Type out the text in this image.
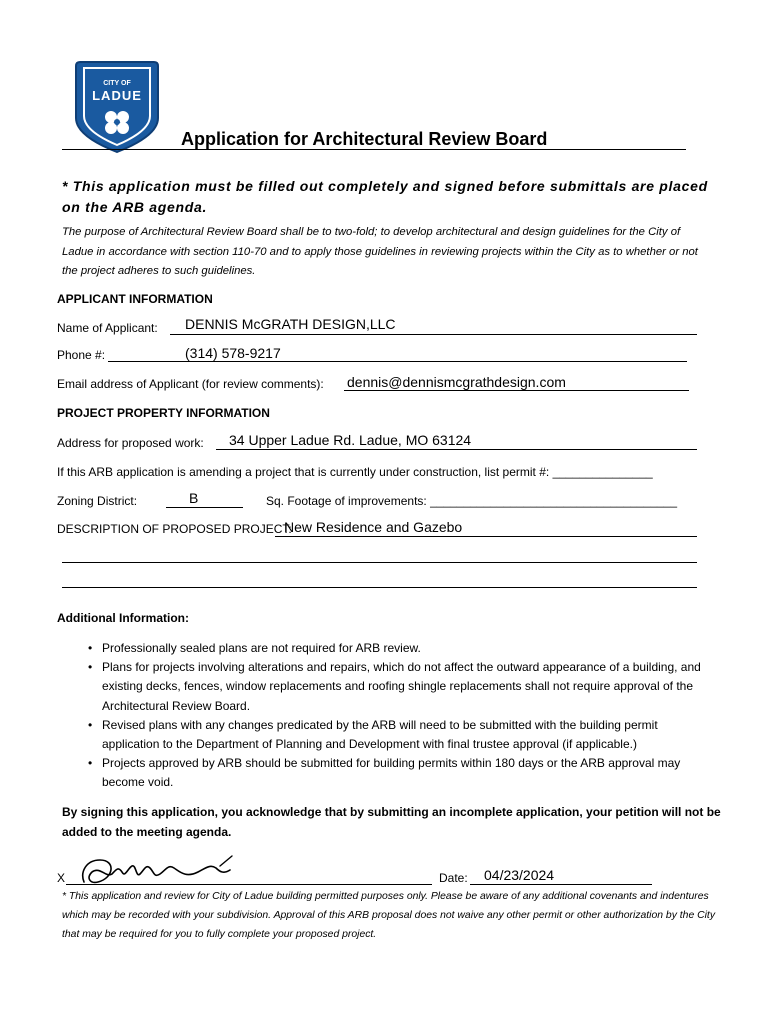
CITY OF
LADUE
Application for Architectural Review Board
* This application must be filled out completely and signed before submittals are placed on the ARB agenda.
The purpose of Architectural Review Board shall be to two-fold; to develop architectural and design guidelines for the City of Ladue in accordance with section 110-70 and to apply those guidelines in reviewing projects within the City as to whether or not the project adheres to such guidelines.
APPLICANT INFORMATION
Name of Applicant: DENNIS McGRATH DESIGN,LLC
Phone #:	(314) 578-9217
Email address of Applicant (for review comments): dennis@dennismcgrathdesign.com
PROJECT PROPERTY INFORMATION
Address for proposed work: 34 Upper Ladue Rd. Ladue, MO 63124
If this ARB application is amending a project that is currently under construction, list permit #: _______________
Zoning District:	B	Sq. Footage of improvements: _____________________________________
DESCRIPTION OF PROPOSED PROJECT:
New Residence and Gazebo
Additional Information:
• Professionally sealed plans are not required for ARB review.
• Plans for projects involving alterations and repairs, which do not affect the outward appearance of a building, and existing decks, fences, window replacements and roofing shingle replacements shall not require approval of the Architectural Review Board.
• Revised plans with any changes predicated by the ARB will need to be submitted with the building permit application to the Department of Planning and Development with final trustee approval (if applicable.)
• Projects approved by ARB should be submitted for building permits within 180 days or the ARB approval may become void.
By signing this application, you acknowledge that by submitting an incomplete application, your petition will not be added to the meeting agenda.
X	Date: 04/23/2024
* This application and review for City of Ladue building permitted purposes only. Please be aware of any additional covenants and indentures which may be recorded with your subdivision. Approval of this ARB proposal does not waive any other permit or other authorization by the City that may be required for you to fully complete your proposed project.
